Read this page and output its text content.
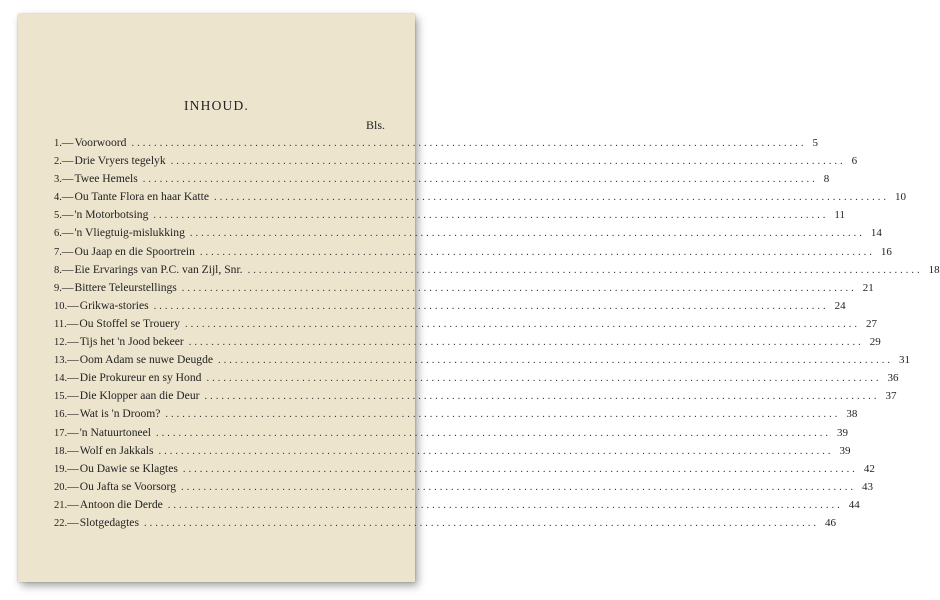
INHOUD.
Bls.
1. — Voorwoord ........................................................................................................................ 5
2. — Drie Vryers tegelyk ........................................................................................................................ 6
3. — Twee Hemels ........................................................................................................................ 8
4. — Ou Tante Flora en haar Katte ........................................................................................................................ 10
5. — 'n Motorbotsing ........................................................................................................................ 11
6. — 'n Vliegtuig-mislukking ........................................................................................................................ 14
7. — Ou Jaap en die Spoortrein ........................................................................................................................ 16
8. — Eie Ervarings van P.C. van Zijl, Snr. ........................................................................................................................ 18
9. — Bittere Teleurstellings ........................................................................................................................ 21
10. — Grikwa-stories ........................................................................................................................ 24
11. — Ou Stoffel se Trouery ........................................................................................................................ 27
12. — Tijs het 'n Jood bekeer ........................................................................................................................ 29
13. — Oom Adam se nuwe Deugde ........................................................................................................................ 31
14. — Die Prokureur en sy Hond ........................................................................................................................ 36
15. — Die Klopper aan die Deur ........................................................................................................................ 37
16. — Wat is 'n Droom? ........................................................................................................................ 38
17. — 'n Natuurtoneel ........................................................................................................................ 39
18. — Wolf en Jakkals ........................................................................................................................ 39
19. — Ou Dawie se Klagtes ........................................................................................................................ 42
20. — Ou Jafta se Voorsorg ........................................................................................................................ 43
21. — Antoon die Derde ........................................................................................................................ 44
22. — Slotgedagtes ........................................................................................................................ 46
